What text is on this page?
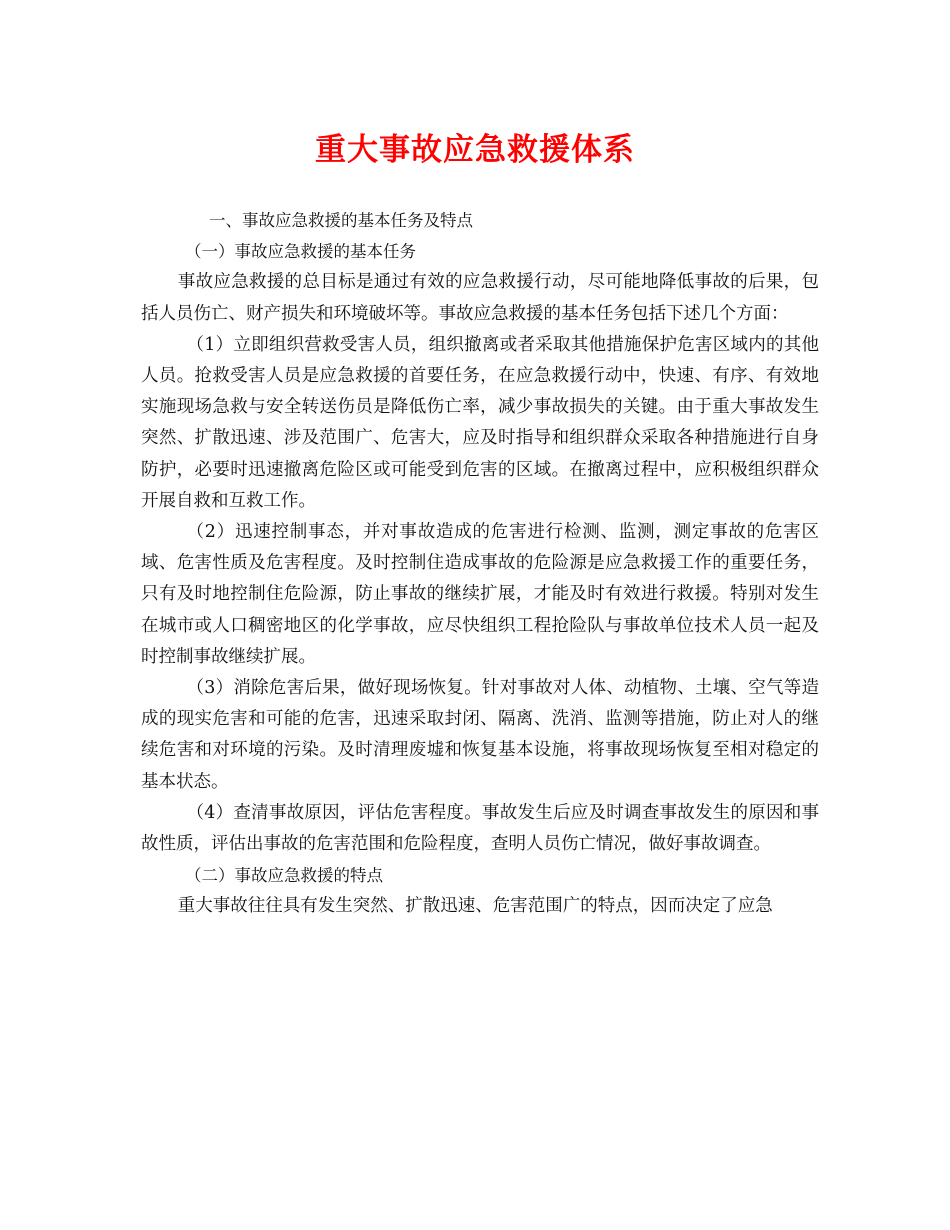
重大事故应急救援体系

一、事故应急救援的基本任务及特点

（一）事故应急救援的基本任务

事故应急救援的总目标是通过有效的应急救援行动，尽可能地降低事故的后果，包括人员伤亡、财产损失和环境破坏等。事故应急救援的基本任务包括下述几个方面：

（1）立即组织营救受害人员，组织撤离或者采取其他措施保护危害区域内的其他人员。抢救受害人员是应急救援的首要任务，在应急救援行动中，快速、有序、有效地实施现场急救与安全转送伤员是降低伤亡率，减少事故损失的关键。由于重大事故发生突然、扩散迅速、涉及范围广、危害大，应及时指导和组织群众采取各种措施进行自身防护，必要时迅速撤离危险区或可能受到危害的区域。在撤离过程中，应积极组织群众开展自救和互救工作。

（2）迅速控制事态，并对事故造成的危害进行检测、监测，测定事故的危害区域、危害性质及危害程度。及时控制住造成事故的危险源是应急救援工作的重要任务，只有及时地控制住危险源，防止事故的继续扩展，才能及时有效进行救援。特别对发生在城市或人口稠密地区的化学事故，应尽快组织工程抢险队与事故单位技术人员一起及时控制事故继续扩展。

（3）消除危害后果，做好现场恢复。针对事故对人体、动植物、土壤、空气等造成的现实危害和可能的危害，迅速采取封闭、隔离、洗消、监测等措施，防止对人的继续危害和对环境的污染。及时清理废墟和恢复基本设施，将事故现场恢复至相对稳定的基本状态。

（4）查清事故原因，评估危害程度。事故发生后应及时调查事故发生的原因和事故性质，评估出事故的危害范围和危险程度，查明人员伤亡情况，做好事故调查。

（二）事故应急救援的特点

重大事故往往具有发生突然、扩散迅速、危害范围广的特点，因而决定了应急
